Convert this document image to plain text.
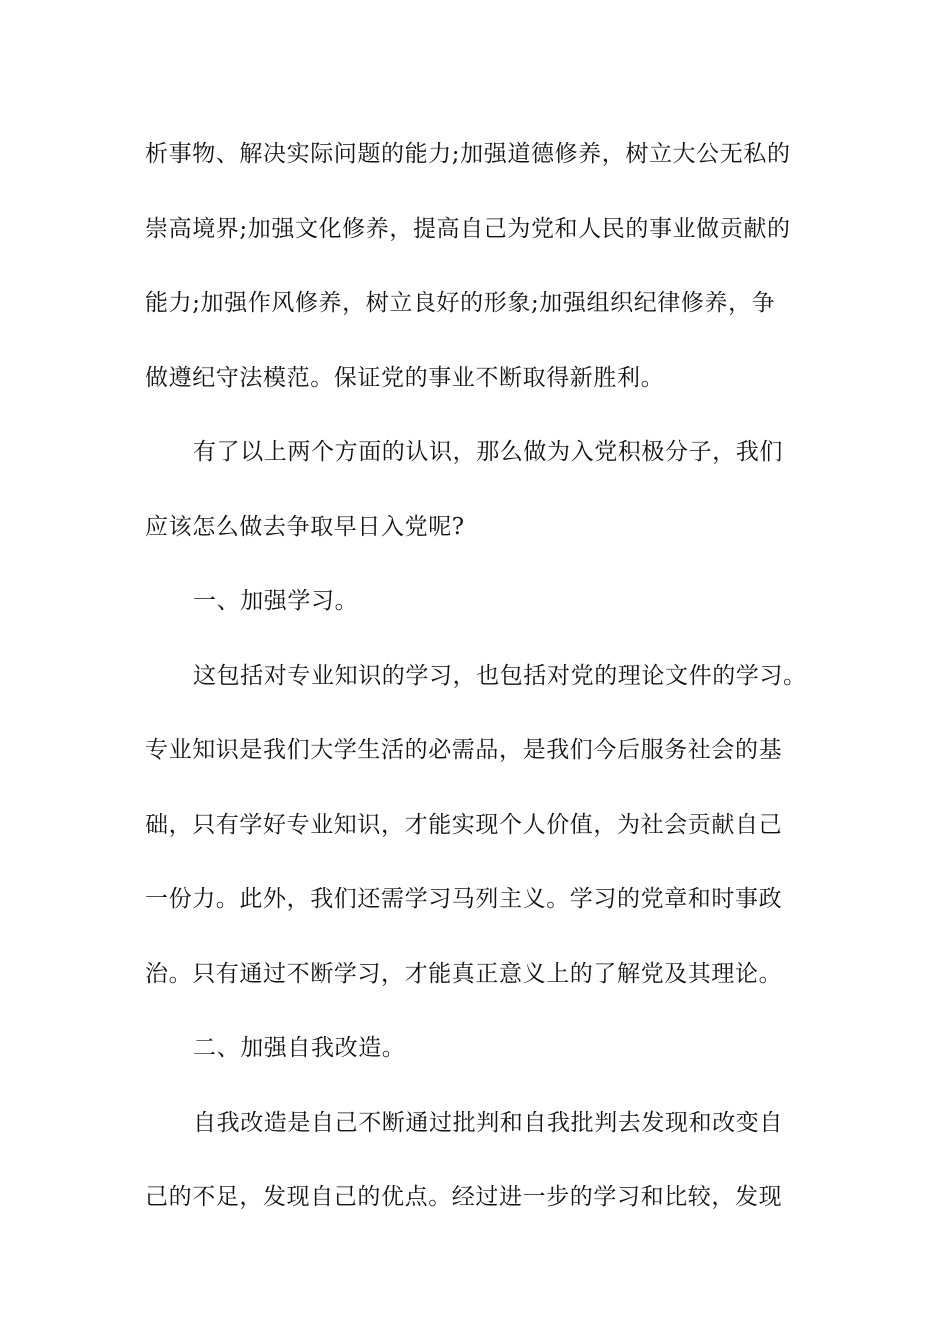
析事物、解决实际问题的能力;加强道德修养，树立大公无私的
崇高境界;加强文化修养，提高自己为党和人民的事业做贡献的
能力;加强作风修养，树立良好的形象;加强组织纪律修养，争
做遵纪守法模范。保证党的事业不断取得新胜利。
有了以上两个方面的认识，那么做为入党积极分子，我们
应该怎么做去争取早日入党呢?
一、加强学习。
这包括对专业知识的学习，也包括对党的理论文件的学习。
专业知识是我们大学生活的必需品，是我们今后服务社会的基
础，只有学好专业知识，才能实现个人价值，为社会贡献自己
一份力。此外，我们还需学习马列主义。学习的党章和时事政
治。只有通过不断学习，才能真正意义上的了解党及其理论。
二、加强自我改造。
自我改造是自己不断通过批判和自我批判去发现和改变自
己的不足，发现自己的优点。经过进一步的学习和比较，发现
